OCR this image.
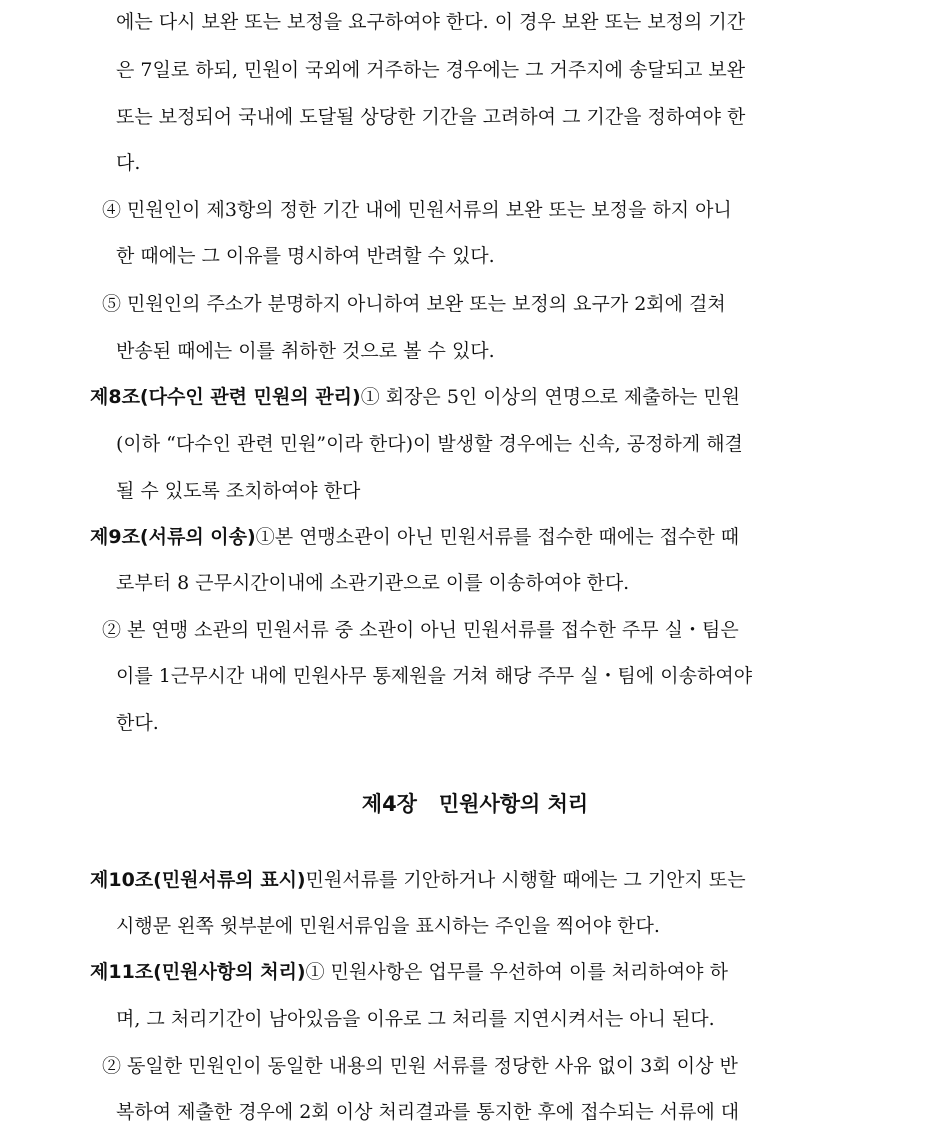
에는 다시 보완 또는 보정을 요구하여야 한다. 이 경우 보완 또는 보정의 기간
은 7일로 하되, 민원이 국외에 거주하는 경우에는 그 거주지에 송달되고 보완
또는 보정되어 국내에 도달될 상당한 기간을 고려하여 그 기간을 정하여야 한
다.
④ 민원인이 제3항의 정한 기간 내에 민원서류의 보완 또는 보정을 하지 아니
한 때에는 그 이유를 명시하여 반려할 수 있다.
⑤ 민원인의 주소가 분명하지 아니하여 보완 또는 보정의 요구가 2회에 걸쳐
반송된 때에는 이를 취하한 것으로 볼 수 있다.
제8조(다수인 관련 민원의 관리)① 회장은 5인 이상의 연명으로 제출하는 민원
(이하 “다수인 관련 민원”이라 한다)이 발생할 경우에는 신속, 공정하게 해결
될 수 있도록 조치하여야 한다
제9조(서류의 이송)①본 연맹소관이 아닌 민원서류를 접수한 때에는 접수한 때
로부터 8 근무시간이내에 소관기관으로 이를 이송하여야 한다.
② 본 연맹 소관의 민원서류 중 소관이 아닌 민원서류를 접수한 주무 실・팀은
이를 1근무시간 내에 민원사무 통제원을 거쳐 해당 주무 실・팀에 이송하여야
한다.
제4장   민원사항의 처리
제10조(민원서류의 표시)민원서류를 기안하거나 시행할 때에는 그 기안지 또는
시행문 왼쪽 윗부분에 민원서류임을 표시하는 주인을 찍어야 한다.
제11조(민원사항의 처리)① 민원사항은 업무를 우선하여 이를 처리하여야 하
며, 그 처리기간이 남아있음을 이유로 그 처리를 지연시켜서는 아니 된다.
② 동일한 민원인이 동일한 내용의 민원 서류를 정당한 사유 없이 3회 이상 반
복하여 제출한 경우에 2회 이상 처리결과를 통지한 후에 접수되는 서류에 대
